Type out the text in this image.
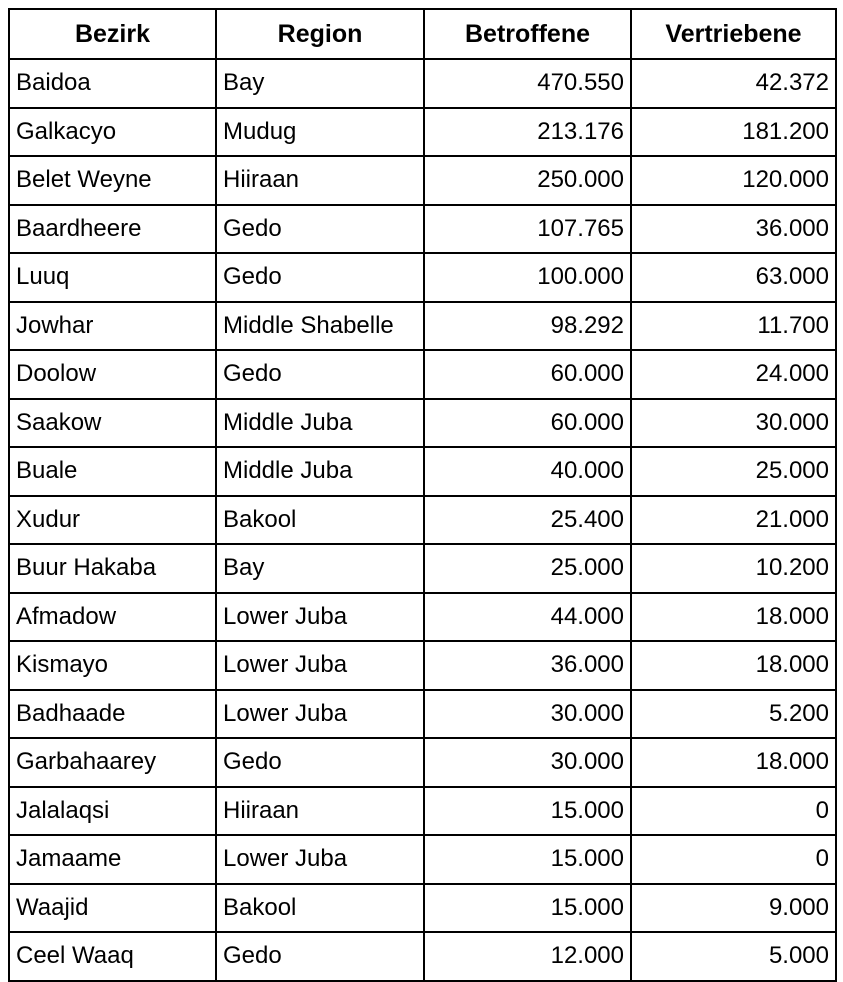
Bezirk	Region	Betroffene	Vertriebene
Baidoa	Bay	470.550	42.372
Galkacyo	Mudug	213.176	181.200
Belet Weyne	Hiiraan	250.000	120.000
Baardheere	Gedo	107.765	36.000
Luuq	Gedo	100.000	63.000
Jowhar	Middle Shabelle	98.292	11.700
Doolow	Gedo	60.000	24.000
Saakow	Middle Juba	60.000	30.000
Buale	Middle Juba	40.000	25.000
Xudur	Bakool	25.400	21.000
Buur Hakaba	Bay	25.000	10.200
Afmadow	Lower Juba	44.000	18.000
Kismayo	Lower Juba	36.000	18.000
Badhaade	Lower Juba	30.000	5.200
Garbahaarey	Gedo	30.000	18.000
Jalalaqsi	Hiiraan	15.000	0
Jamaame	Lower Juba	15.000	0
Waajid	Bakool	15.000	9.000
Ceel Waaq	Gedo	12.000	5.000
